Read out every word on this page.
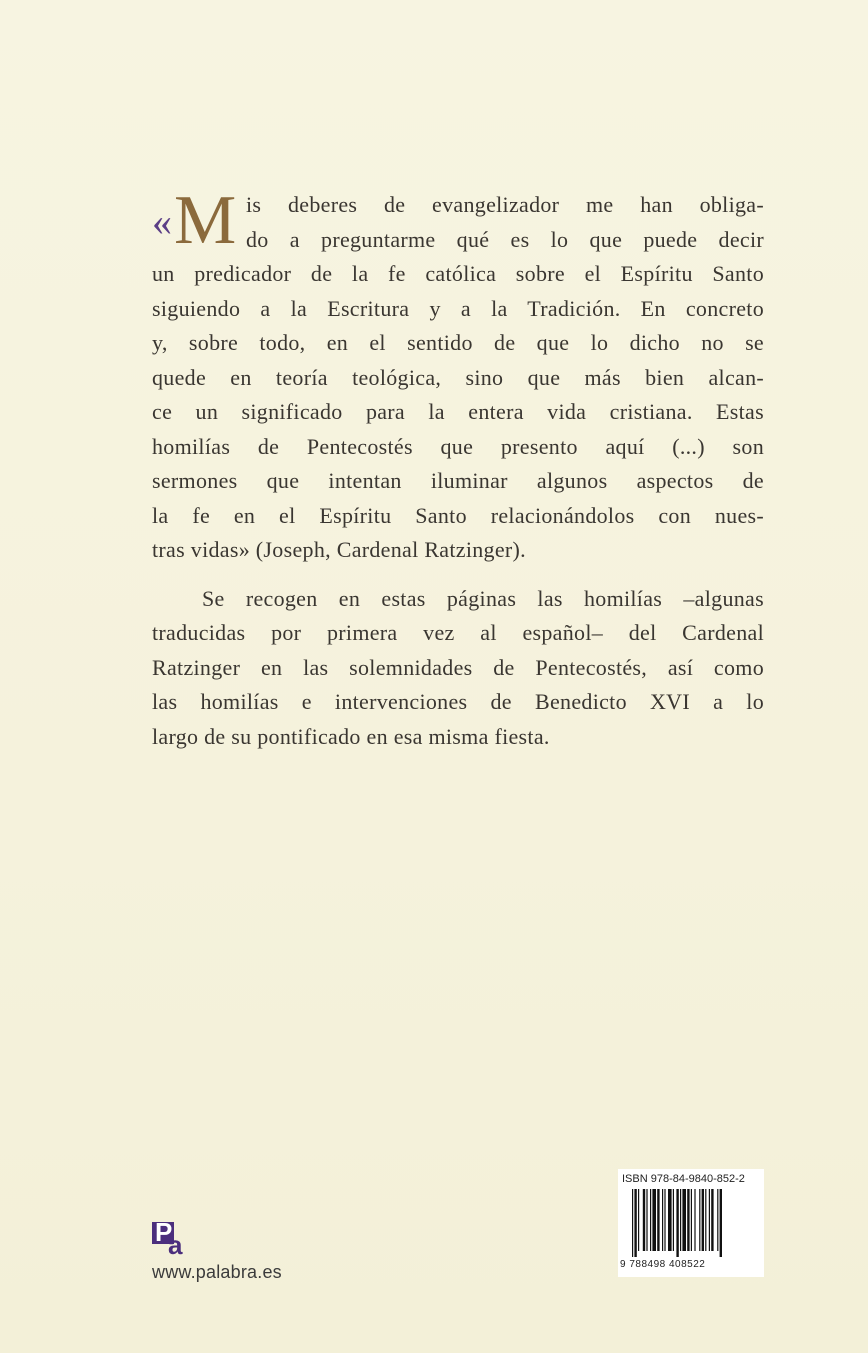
«M is deberes de evangelizador me han obliga-
do a preguntarme qué es lo que puede decir
un predicador de la fe católica sobre el Espíritu Santo
siguiendo a la Escritura y a la Tradición. En concreto
y, sobre todo, en el sentido de que lo dicho no se
quede en teoría teológica, sino que más bien alcan-
ce un significado para la entera vida cristiana. Estas
homilías de Pentecostés que presento aquí (...) son
sermones que intentan iluminar algunos aspectos de
la fe en el Espíritu Santo relacionándolos con nues-
tras vidas» (Joseph, Cardenal Ratzinger).
Se recogen en estas páginas las homilías –algunas
traducidas por primera vez al español– del Cardenal
Ratzinger en las solemnidades de Pentecostés, así como
las homilías e intervenciones de Benedicto XVI a lo
largo de su pontificado en esa misma fiesta.
P
a
www.palabra.es
ISBN 978-84-9840-852-2
9 788498 408522
